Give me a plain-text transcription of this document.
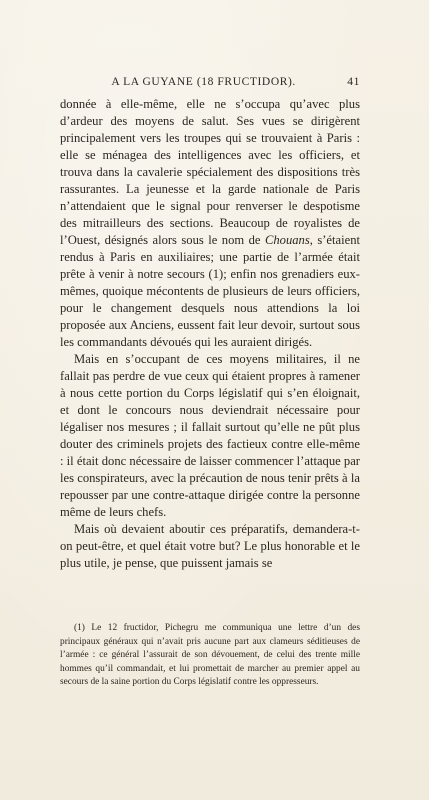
A LA GUYANE (18 FRUCTIDOR).	41

donnée à elle-même, elle ne s’occupa qu’avec plus d’ardeur des moyens de salut. Ses vues se dirigèrent principalement vers les troupes qui se trouvaient à Paris : elle se ménagea des intelligences avec les officiers, et trouva dans la cavalerie spécialement des dispositions très rassurantes. La jeunesse et la garde nationale de Paris n’attendaient que le signal pour renverser le despotisme des mitrailleurs des sections. Beaucoup de royalistes de l’Ouest, désignés alors sous le nom de Chouans, s’étaient rendus à Paris en auxiliaires; une partie de l’armée était prête à venir à notre secours (1); enfin nos grenadiers eux-mêmes, quoique mécontents de plusieurs de leurs officiers, pour le changement desquels nous attendions la loi proposée aux Anciens, eussent fait leur devoir, surtout sous les commandants dévoués qui les auraient dirigés.

Mais en s’occupant de ces moyens militaires, il ne fallait pas perdre de vue ceux qui étaient propres à ramener à nous cette portion du Corps législatif qui s’en éloignait, et dont le concours nous deviendrait nécessaire pour légaliser nos mesures ; il fallait surtout qu’elle ne pût plus douter des criminels projets des factieux contre elle-même : il était donc nécessaire de laisser commencer l’attaque par les conspirateurs, avec la précaution de nous tenir prêts à la repousser par une contre-attaque dirigée contre la personne même de leurs chefs.

Mais où devaient aboutir ces préparatifs, demandera-t-on peut-être, et quel était votre but? Le plus honorable et le plus utile, je pense, que puissent jamais se

(1) Le 12 fructidor, Pichegru me communiqua une lettre d’un des principaux généraux qui n’avait pris aucune part aux clameurs séditieuses de l’armée : ce général l’assurait de son dévouement, de celui des trente mille hommes qu’il commandait, et lui promettait de marcher au premier appel au secours de la saine portion du Corps législatif contre les oppresseurs.
